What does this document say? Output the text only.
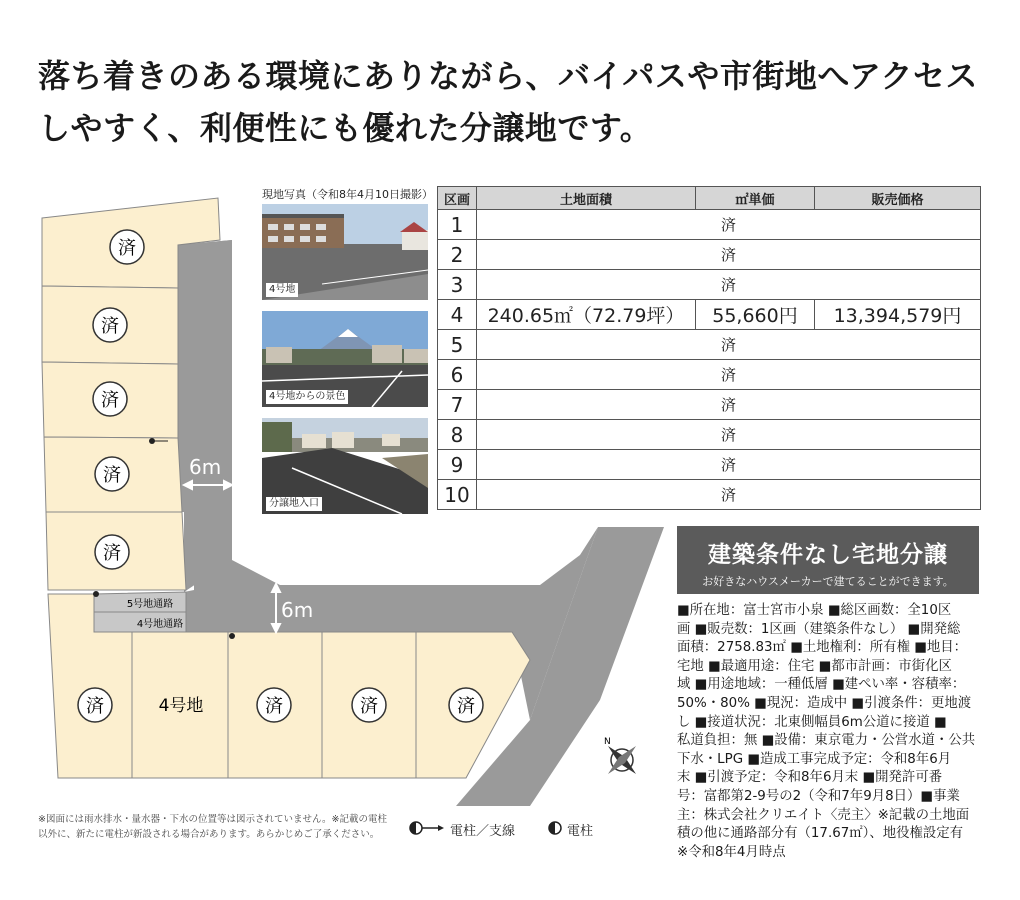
落ち着きのある環境にありながら、バイパスや市街地へアクセス
しやすく、利便性にも優れた分譲地です。
済
済
済
済
済
済	済	済	済
4号地
5号地通路
4号地通路
6m
6m
N
現地写真（令和8年4月10日撮影）
4号地
4号地からの景色
分譲地入口
区画	土地面積	㎡単価	販売価格
1	済		
2	済		
3	済		
4	240.65㎡（72.79坪）	55,660円	13,394,579円
5	済		
6	済		
7	済		
8	済		
9	済		
10	済		
建築条件なし宅地分譲
お好きなハウスメーカーで建てることができます。
■所在地：富士宮市小泉 ■総区画数：全10区
画 ■販売数：1区画（建築条件なし） ■開発総
面積：2758.83㎡ ■土地権利：所有権 ■地目：
宅地 ■最適用途：住宅 ■都市計画：市街化区
域 ■用途地域：一種低層 ■建ぺい率・容積率：
50%・80% ■現況：造成中 ■引渡条件：更地渡
し ■接道状況：北東側幅員6m公道に接道 ■
私道負担：無 ■設備：東京電力・公営水道・公共
下水・LPG ■造成工事完成予定：令和8年6月
末 ■引渡予定：令和8年6月末 ■開発許可番
号：富都第2-9号の2（令和7年9月8日）■事業
主：株式会社クリエイト〈売主〉※記載の土地面
積の他に通路部分有（17.67㎡）、地役権設定有
※令和8年4月時点
※図面には雨水排水・量水器・下水の位置等は図示されていません。※記載の電柱
以外に、新たに電柱が新設される場合があります。あらかじめご了承ください。	電柱／支線	電柱
